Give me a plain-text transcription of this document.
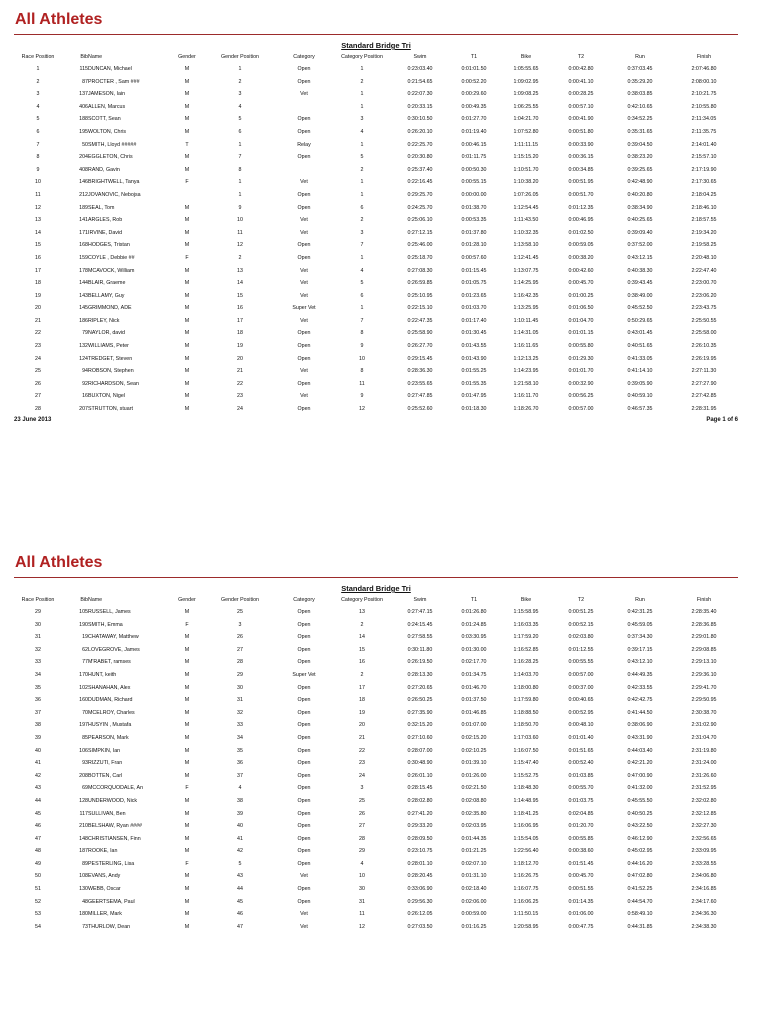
All Athletes
Standard Bridge Tri
Race Position	Bib	Name	Gender	Gender Position	Category	Category Position	Swim	T1	Bike	T2	Run	Finish
1	115	DUNCAN, Michael	M	1	Open	1	0:23:03.40	0:01:01.50	1:05:55.65	0:00:42.80	0:37:03.45	2:07:46.80
2	87	PROCTER , Sam ###	M	2	Open	2	0:21:54.65	0:00:52.20	1:09:02.95	0:00:41.10	0:35:29.20	2:08:00.10
3	137	JAMESON, Iain	M	3	Vet	1	0:22:07.30	0:00:29.60	1:09:08.25	0:00:28.25	0:38:03.85	2:10:21.75
4	406	ALLEN, Marcus	M	4		1	0:20:33.15	0:00:49.35	1:06:25.55	0:00:57.10	0:42:10.65	2:10:55.80
5	188	SCOTT, Sean	M	5	Open	3	0:30:10.50	0:01:27.70	1:04:21.70	0:00:41.90	0:34:52.25	2:11:34.05
6	195	WOLTON, Chris	M	6	Open	4	0:26:20.10	0:01:19.40	1:07:52.80	0:00:51.80	0:35:31.65	2:11:35.75
7	50	SMITH, Lloyd #####	T	1	Relay	1	0:22:25.70	0:00:46.15	1:11:11.15	0:00:33.90	0:39:04.50	2:14:01.40
8	204	EGGLETON, Chris	M	7	Open	5	0:20:30.80	0:01:11.75	1:15:15.20	0:00:36.15	0:38:23.20	2:15:57.10
9	408	RAND, Gavin	M	8		2	0:25:37.40	0:00:50.30	1:10:51.70	0:00:34.85	0:39:25.65	2:17:19.90
10	146	BRIGHTWELL, Tanya	F	1	Vet	1	0:22:16.45	0:00:55.15	1:10:38.20	0:00:51.95	0:42:48.90	2:17:30.65
11	212	JOVANOVIC, Nebojsa		1	Open	1	0:29:25.70	0:00:00.00	1:07:26.05	0:00:51.70	0:40:20.80	2:18:04.25
12	189	SEAL, Tom	M	9	Open	6	0:24:25.70	0:01:38.70	1:12:54.45	0:01:12.35	0:38:34.90	2:18:46.10
13	141	ARGLES, Rob	M	10	Vet	2	0:25:06.10	0:00:53.35	1:11:43.50	0:00:46.95	0:40:25.65	2:18:57.55
14	171	IRVINE, David	M	11	Vet	3	0:27:12.15	0:01:37.80	1:10:32.35	0:01:02.50	0:39:09.40	2:19:34.20
15	168	HODGES, Tristan	M	12	Open	7	0:25:46.00	0:01:28.10	1:13:58.10	0:00:59.05	0:37:52.00	2:19:58.25
16	159	COYLE , Debbie ##	F	2	Open	1	0:25:18.70	0:00:57.60	1:12:41.45	0:00:38.20	0:43:12.15	2:20:48.10
17	178	MCAVOCK, William	M	13	Vet	4	0:27:08.30	0:01:15.45	1:13:07.75	0:00:42.60	0:40:38.30	2:22:47.40
18	144	BLAIR, Graeme	M	14	Vet	5	0:26:59.85	0:01:05.75	1:14:25.95	0:00:45.70	0:39:43.45	2:23:00.70
19	143	BELLAMY, Guy	M	15	Vet	6	0:25:10.95	0:01:23.65	1:16:42.35	0:01:00.25	0:38:49.00	2:23:06.20
20	145	GRIMMOND, ADE	M	16	Super Vet	1	0:22:15.10	0:01:03.70	1:13:25.95	0:01:06.50	0:45:52.50	2:23:43.75
21	186	RIPLEY, Nick	M	17	Vet	7	0:22:47.35	0:01:17.40	1:10:11.45	0:01:04.70	0:50:29.65	2:25:50.55
22	79	NAYLOR, david	M	18	Open	8	0:25:58.90	0:01:30.45	1:14:31.05	0:01:01.15	0:43:01.45	2:25:58.00
23	132	WILLIAMS, Peter	M	19	Open	9	0:26:27.70	0:01:43.55	1:16:11.65	0:00:55.80	0:40:51.65	2:26:10.35
24	124	TREDGET, Steven	M	20	Open	10	0:29:15.45	0:01:43.90	1:12:13.25	0:01:29.30	0:41:33.05	2:26:19.95
25	94	ROBSON, Stephen	M	21	Vet	8	0:28:36.30	0:01:55.25	1:14:23.95	0:01:01.70	0:41:14.10	2:27:11.30
26	92	RICHARDSON, Sean	M	22	Open	11	0:23:55.65	0:01:55.35	1:21:58.10	0:00:32.90	0:39:05.90	2:27:27.90
27	16	BUXTON, Nigel	M	23	Vet	9	0:27:47.85	0:01:47.95	1:16:11.70	0:00:56.25	0:40:59.10	2:27:42.85
28	207	STRUTTON, stuart	M	24	Open	12	0:25:52.60	0:01:18.30	1:18:26.70	0:00:57.00	0:46:57.35	2:28:31.95
23 June 2013	Page 1 of 6
All Athletes
Standard Bridge Tri
Race Position	Bib	Name	Gender	Gender Position	Category	Category Position	Swim	T1	Bike	T2	Run	Finish
29	105	RUSSELL, James	M	25	Open	13	0:27:47.15	0:01:26.80	1:15:58.95	0:00:51.25	0:42:31.25	2:28:35.40
30	190	SMITH, Emma	F	3	Open	2	0:24:15.45	0:01:24.85	1:16:03.35	0:00:52.15	0:45:59.05	2:28:36.85
31	19	CHATAWAY, Matthew	M	26	Open	14	0:27:58.55	0:03:30.95	1:17:59.20	0:02:03.80	0:37:34.30	2:29:01.80
32	62	LOVEGROVE, James	M	27	Open	15	0:30:11.80	0:01:30.00	1:16:52.85	0:01:12.55	0:39:17.15	2:29:08.85
33	77	M'RABET, ramses	M	28	Open	16	0:26:19.50	0:02:17.70	1:16:28.25	0:00:55.55	0:43:12.10	2:29:13.10
34	170	HUNT, keith	M	29	Super Vet	2	0:28:13.30	0:01:34.75	1:14:03.70	0:00:57.00	0:44:49.35	2:29:36.10
35	102	SHANAHAN, Alex	M	30	Open	17	0:27:20.65	0:01:46.70	1:18:00.80	0:00:37.00	0:42:33.55	2:29:41.70
36	160	DUDMAN, Richard	M	31	Open	18	0:26:50.25	0:01:37.50	1:17:59.80	0:00:40.65	0:42:42.75	2:29:50.95
37	70	MCELROY, Charles	M	32	Open	19	0:27:35.90	0:01:46.85	1:18:88.50	0:00:52.95	0:41:44.50	2:30:38.70
38	197	HUSYIN , Mustafa	M	33	Open	20	0:32:15.20	0:01:07.00	1:18:50.70	0:00:48.10	0:38:06.90	2:31:02.90
39	85	PEARSON, Mark	M	34	Open	21	0:27:10.60	0:02:15.20	1:17:03.60	0:01:01.40	0:43:31.90	2:31:04.70
40	106	SIMPKIN, Ian	M	35	Open	22	0:28:07.00	0:02:10.25	1:16:07.50	0:01:51.65	0:44:03.40	2:31:19.80
41	93	RIZZUTI, Fran	M	36	Open	23	0:30:48.90	0:01:39.10	1:15:47.40	0:00:52.40	0:42:21.20	2:31:24.00
42	208	BOTTEN, Carl	M	37	Open	24	0:26:01.10	0:01:26.00	1:15:52.75	0:01:03.85	0:47:00.90	2:31:26.60
43	69	MCCORQUODALE, An	F	4	Open	3	0:28:15.45	0:02:21.50	1:18:48.30	0:00:55.70	0:41:32.00	2:31:52.95
44	128	UNDERWOOD, Nick	M	38	Open	25	0:28:02.80	0:02:08.80	1:14:48.95	0:01:03.75	0:45:55.50	2:32:02.80
45	117	SULLIVAN, Ben	M	39	Open	26	0:27:41.20	0:02:35.80	1:18:41.25	0:02:04.85	0:40:50.25	2:32:12.85
46	210	BELSHAW, Ryan ####	M	40	Open	27	0:29:33.20	0:02:03.95	1:16:06.95	0:01:20.70	0:43:22.50	2:32:27.30
47	148	CHRISTIANSEN, Finn	M	41	Open	28	0:28:09.50	0:01:44.35	1:15:54.05	0:00:55.85	0:46:12.90	2:32:56.65
48	187	ROOKE, Ian	M	42	Open	29	0:23:10.75	0:01:21.25	1:22:56.40	0:00:38.60	0:45:02.95	2:33:09.95
49	89	PESTERLING, Lisa	F	5	Open	4	0:28:01.10	0:02:07.10	1:18:12.70	0:01:51.45	0:44:16.20	2:33:28.55
50	108	EVANS, Andy	M	43	Vet	10	0:28:20.45	0:01:31.10	1:16:26.75	0:00:45.70	0:47:02.80	2:34:06.80
51	130	WEBB, Oscar	M	44	Open	30	0:33:06.90	0:02:18.40	1:16:07.75	0:00:51.55	0:41:52.25	2:34:16.85
52	48	GEERTSEMA, Paul	M	45	Open	31	0:29:56.30	0:02:06.00	1:16:06.25	0:01:14.35	0:44:54.70	2:34:17.60
53	180	MILLER, Mark	M	46	Vet	11	0:26:12.05	0:00:59.00	1:11:50.15	0:01:06.00	0:58:49.10	2:34:36.30
54	73	THURLOW, Dean	M	47	Vet	12	0:27:03.50	0:01:16.25	1:20:58.95	0:00:47.75	0:44:31.85	2:34:38.30
